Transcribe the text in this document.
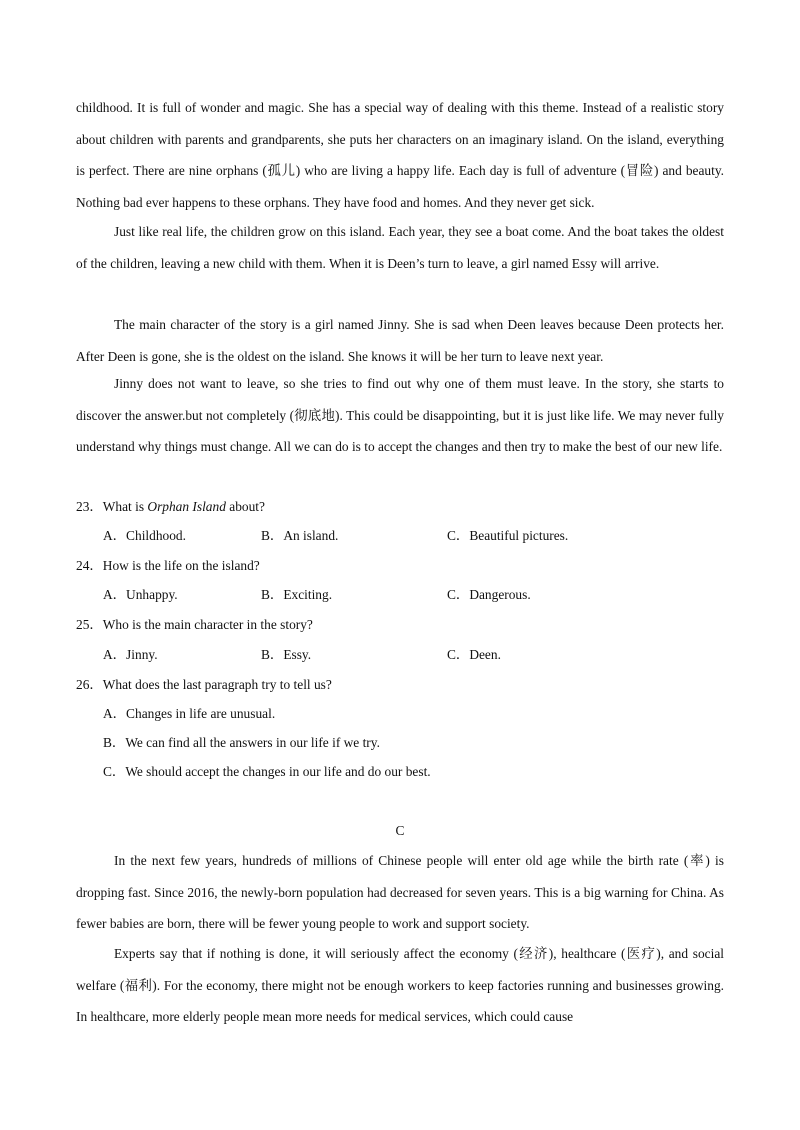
childhood. It is full of wonder and magic. She has a special way of dealing with this theme. Instead of a realistic story about children with parents and grandparents, she puts her characters on an imaginary island. On the island, everything is perfect. There are nine orphans (孤儿) who are living a happy life. Each day is full of adventure (冒险) and beauty. Nothing bad ever happens to these orphans. They have food and homes. And they never get sick.

Just like real life, the children grow on this island. Each year, they see a boat come. And the boat takes the oldest of the children, leaving a new child with them. When it is Deen’s turn to leave, a girl named Essy will arrive.

The main character of the story is a girl named Jinny. She is sad when Deen leaves because Deen protects her. After Deen is gone, she is the oldest on the island. She knows it will be her turn to leave next year.

Jinny does not want to leave, so she tries to find out why one of them must leave. In the story, she starts to discover the answer.but not completely (彻底地). This could be disappointing, but it is just like life. We may never fully understand why things must change. All we can do is to accept the changes and then try to make the best of our new life.

23．What is Orphan Island about?

A．Childhood.	B．An island.	C．Beautiful pictures.

24．How is the life on the island?

A．Unhappy.	B．Exciting.	C．Dangerous.

25．Who is the main character in the story?

A．Jinny.	B．Essy.	C．Deen.

26．What does the last paragraph try to tell us?

A．Changes in life are unusual.

B．We can find all the answers in our life if we try.

C．We should accept the changes in our life and do our best.

C

In the next few years, hundreds of millions of Chinese people will enter old age while the birth rate (率) is dropping fast. Since 2016, the newly-born population had decreased for seven years. This is a big warning for China. As fewer babies are born, there will be fewer young people to work and support society.

Experts say that if nothing is done, it will seriously affect the economy (经济), healthcare (医疗), and social welfare (福利). For the economy, there might not be enough workers to keep factories running and businesses growing. In healthcare, more elderly people mean more needs for medical services, which could cause
